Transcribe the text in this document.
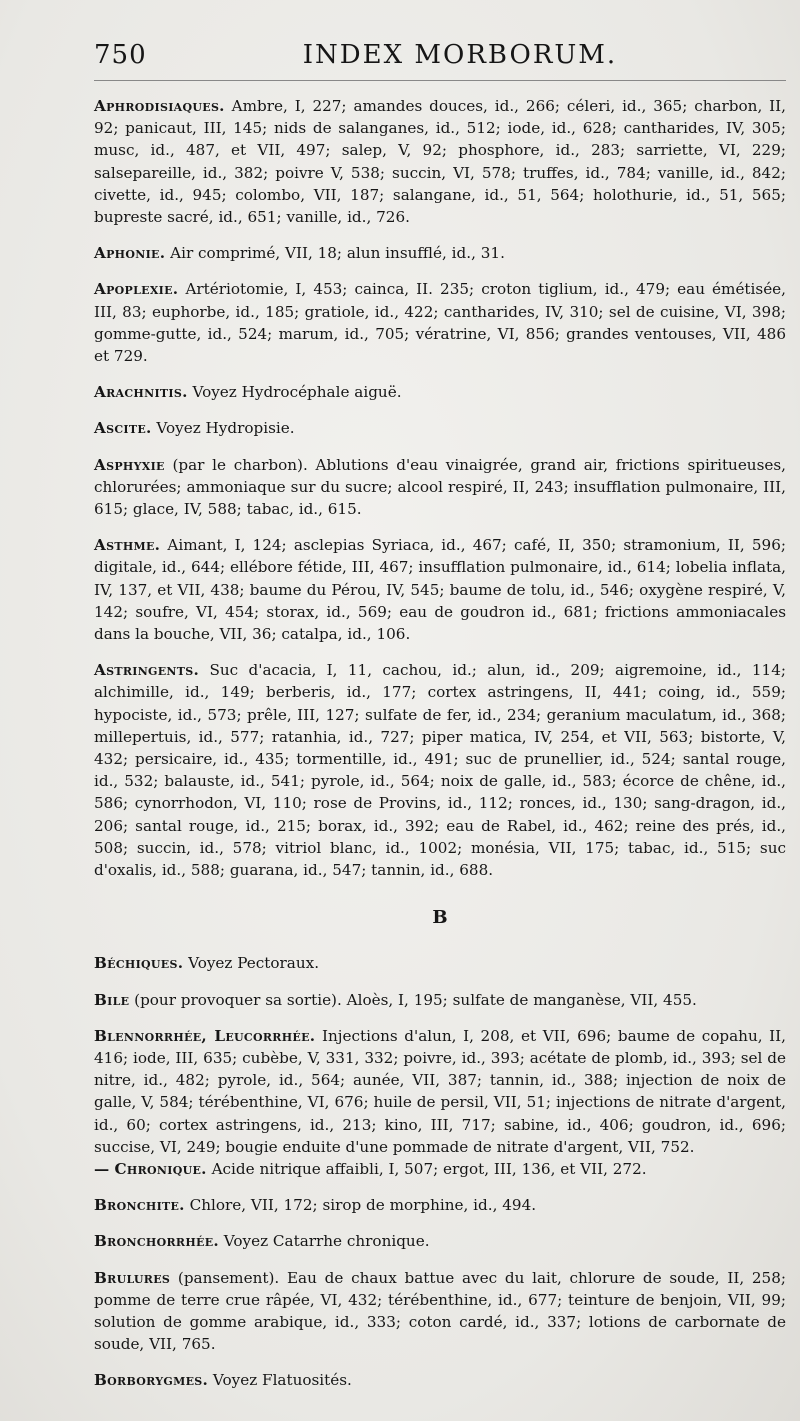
750	INDEX MORBORUM.

Aphrodisiaques. Ambre, I, 227; amandes douces, id., 266; céleri, id., 365; charbon, II, 92; panicaut, III, 145; nids de salanganes, id., 512; iode, id., 628; cantharides, IV, 305; musc, id., 487, et VII, 497; salep, V, 92; phosphore, id., 283; sarriette, VI, 229; salsepareille, id., 382; poivre V, 538; succin, VI, 578; truffes, id., 784; vanille, id., 842; civette, id., 945; colombo, VII, 187; salangane, id., 51, 564; holothurie, id., 51, 565; bupreste sacré, id., 651; vanille, id., 726.

Aphonie. Air comprimé, VII, 18; alun insufflé, id., 31.

Apoplexie. Artériotomie, I, 453; cainca, II. 235; croton tiglium, id., 479; eau émétisée, III, 83; euphorbe, id., 185; gratiole, id., 422; cantharides, IV, 310; sel de cuisine, VI, 398; gomme-gutte, id., 524; marum, id., 705; vératrine, VI, 856; grandes ventouses, VII, 486 et 729.

Arachnitis. Voyez Hydrocéphale aiguë.

Ascite. Voyez Hydropisie.

Asphyxie (par le charbon). Ablutions d'eau vinaigrée, grand air, frictions spiritueuses, chlorurées; ammoniaque sur du sucre; alcool respiré, II, 243; insufflation pulmonaire, III, 615; glace, IV, 588; tabac, id., 615.

Asthme. Aimant, I, 124; asclepias Syriaca, id., 467; café, II, 350; stramonium, II, 596; digitale, id., 644; ellébore fétide, III, 467; insufflation pulmonaire, id., 614; lobelia inflata, IV, 137, et VII, 438; baume du Pérou, IV, 545; baume de tolu, id., 546; oxygène respiré, V, 142; soufre, VI, 454; storax, id., 569; eau de goudron id., 681; frictions ammoniacales dans la bouche, VII, 36; catalpa, id., 106.

Astringents. Suc d'acacia, I, 11, cachou, id.; alun, id., 209; aigremoine, id., 114; alchimille, id., 149; berberis, id., 177; cortex astringens, II, 441; coing, id., 559; hypociste, id., 573; prêle, III, 127; sulfate de fer, id., 234; geranium maculatum, id., 368; millepertuis, id., 577; ratanhia, id., 727; piper matica, IV, 254, et VII, 563; bistorte, V, 432; persicaire, id., 435; tormentille, id., 491; suc de prunellier, id., 524; santal rouge, id., 532; balauste, id., 541; pyrole, id., 564; noix de galle, id., 583; écorce de chêne, id., 586; cynorrhodon, VI, 110; rose de Provins, id., 112; ronces, id., 130; sang-dragon, id., 206; santal rouge, id., 215; borax, id., 392; eau de Rabel, id., 462; reine des prés, id., 508; succin, id., 578; vitriol blanc, id., 1002; monésia, VII, 175; tabac, id., 515; suc d'oxalis, id., 588; guarana, id., 547; tannin, id., 688.

B

Béchiques. Voyez Pectoraux.

Bile (pour provoquer sa sortie). Aloès, I, 195; sulfate de manganèse, VII, 455.

Blennorrhée, Leucorrhée. Injections d'alun, I, 208, et VII, 696; baume de copahu, II, 416; iode, III, 635; cubèbe, V, 331, 332; poivre, id., 393; acétate de plomb, id., 393; sel de nitre, id., 482; pyrole, id., 564; aunée, VII, 387; tannin, id., 388; injection de noix de galle, V, 584; térébenthine, VI, 676; huile de persil, VII, 51; injections de nitrate d'argent, id., 60; cortex astringens, id., 213; kino, III, 717; sabine, id., 406; goudron, id., 696; succise, VI, 249; bougie enduite d'une pommade de nitrate d'argent, VII, 752.

— Chronique. Acide nitrique affaibli, I, 507; ergot, III, 136, et VII, 272.

Bronchite. Chlore, VII, 172; sirop de morphine, id., 494.

Bronchorrhée. Voyez Catarrhe chronique.

Brulures (pansement). Eau de chaux battue avec du lait, chlorure de soude, II, 258; pomme de terre crue râpée, VI, 432; térébenthine, id., 677; teinture de benjoin, VII, 99; solution de gomme arabique, id., 333; coton cardé, id., 337; lotions de carbornate de soude, VII, 765.

Borborygmes. Voyez Flatuosités.
